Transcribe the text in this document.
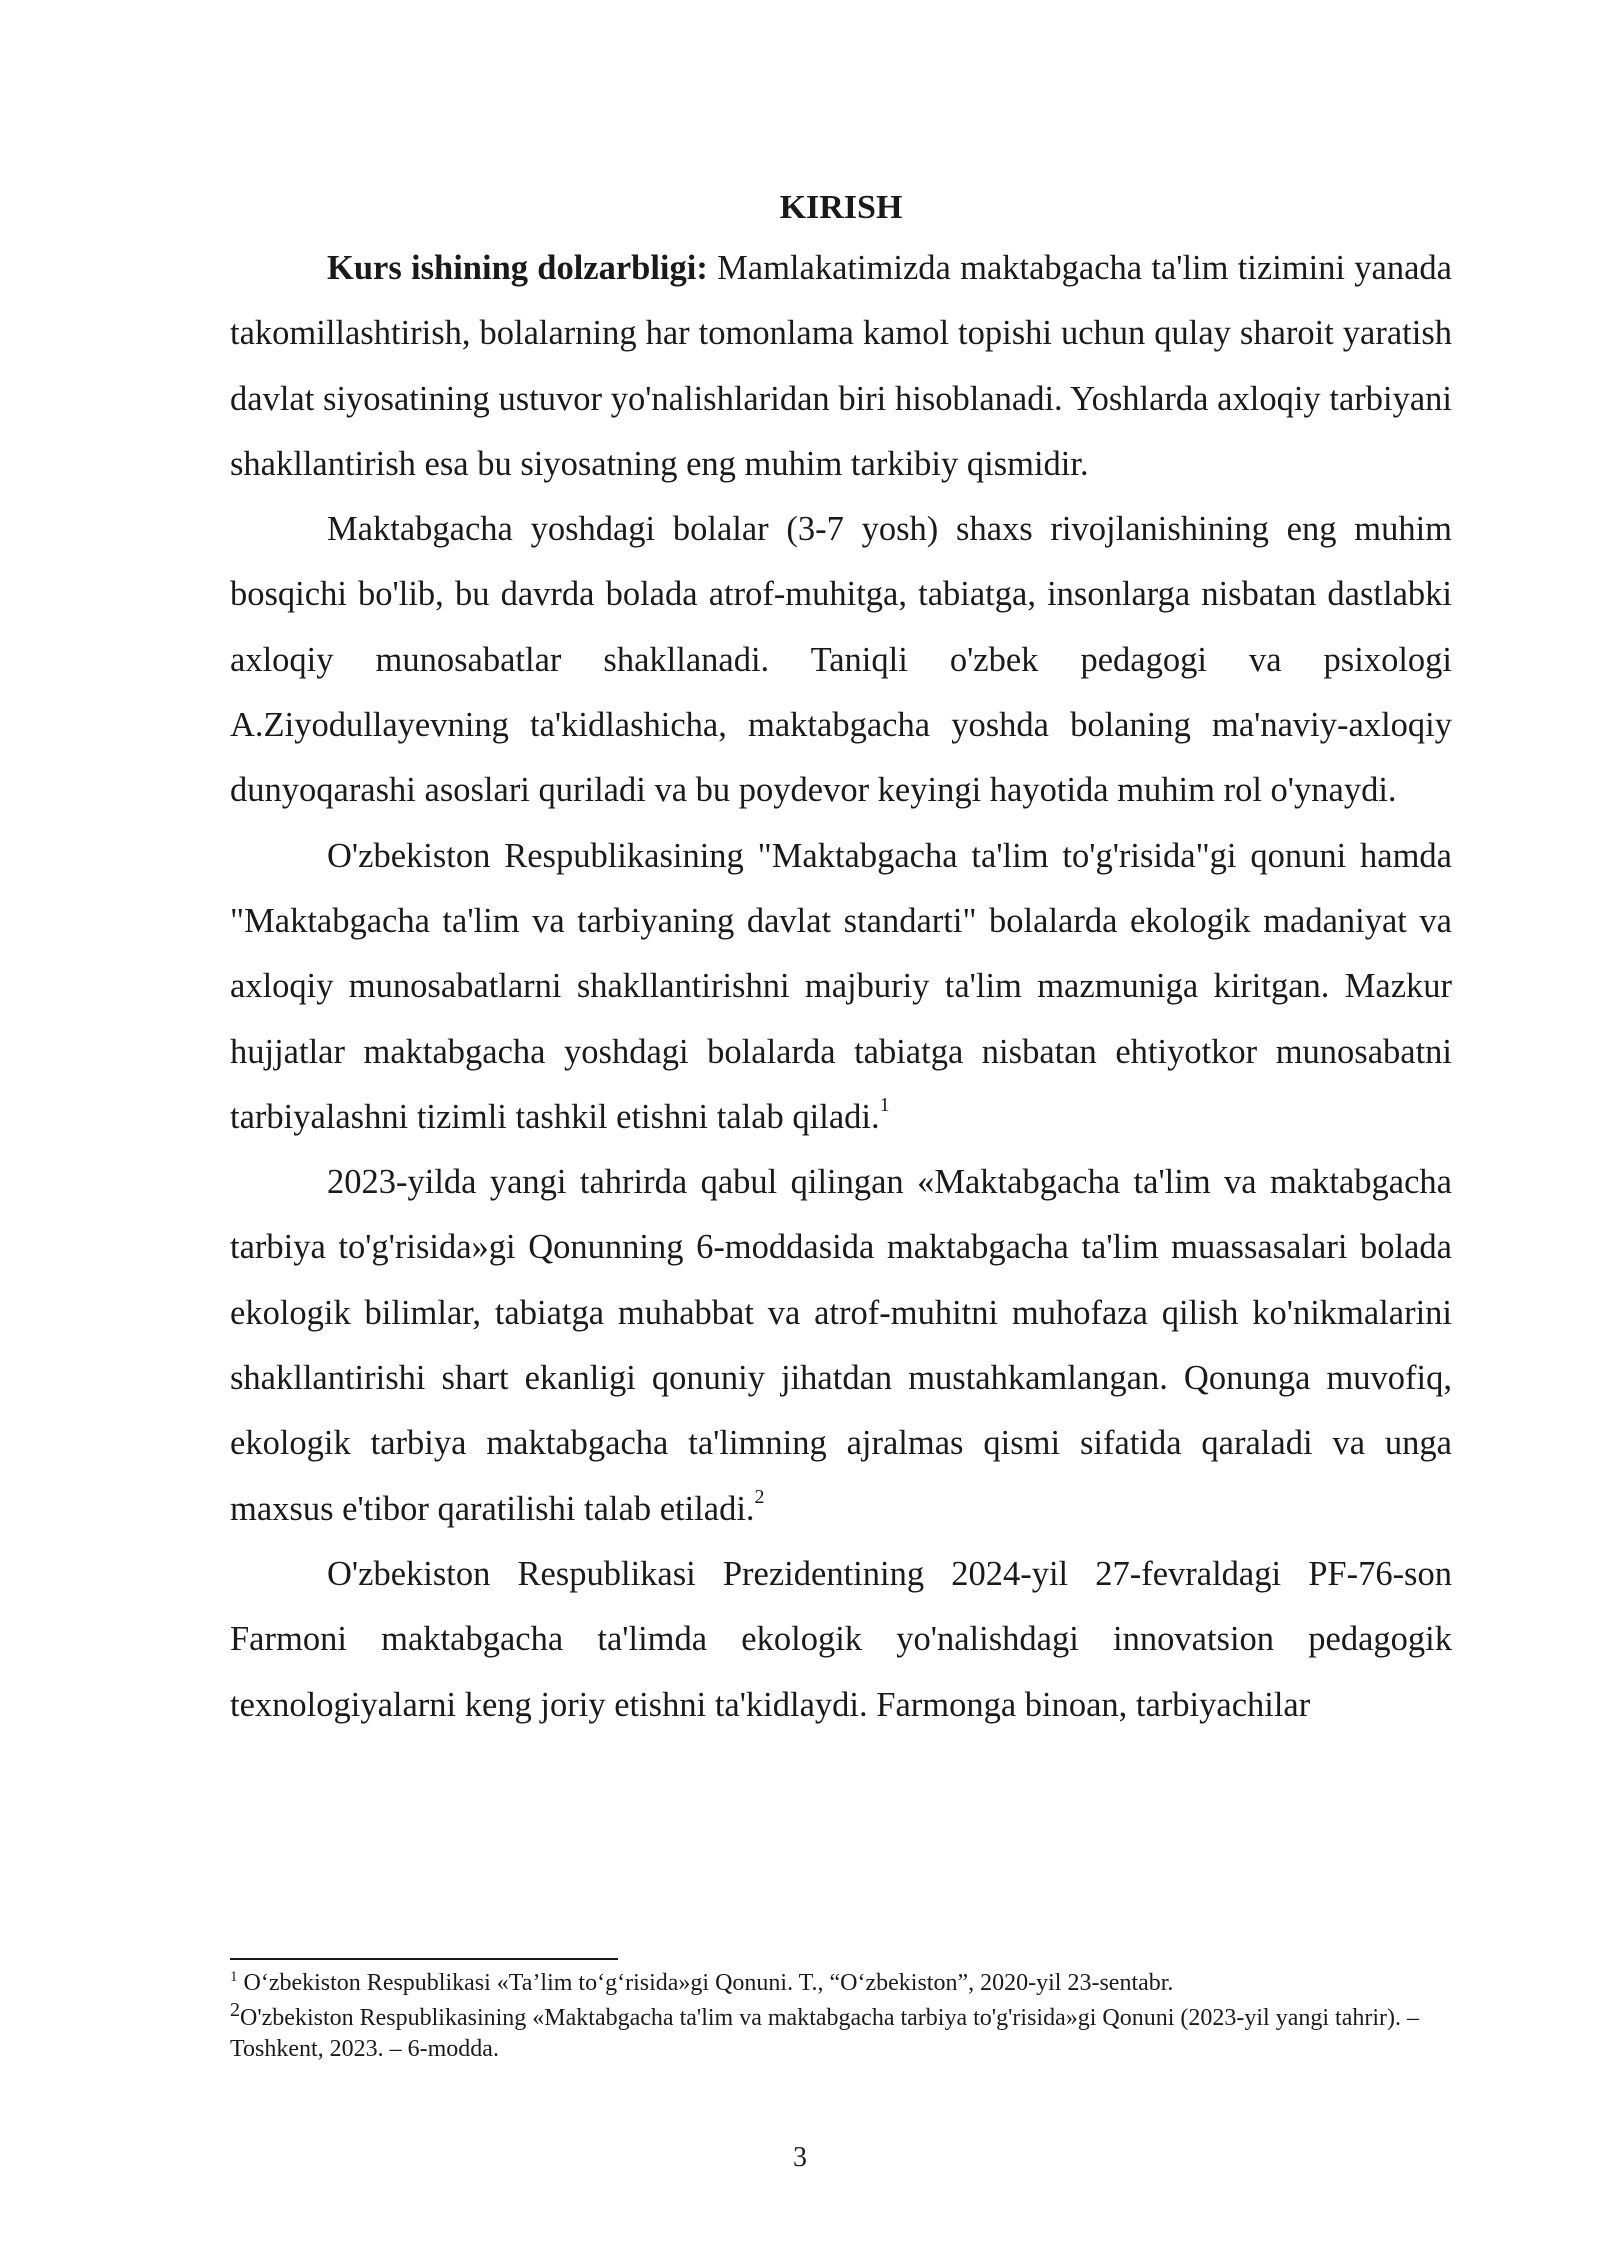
KIRISH

Kurs ishining dolzarbligi: Mamlakatimizda maktabgacha ta'lim tizimini yanada takomillashtirish, bolalarning har tomonlama kamol topishi uchun qulay sharoit yaratish davlat siyosatining ustuvor yo'nalishlaridan biri hisoblanadi. Yoshlarda axloqiy tarbiyani shakllantirish esa bu siyosatning eng muhim tarkibiy qismidir.

Maktabgacha yoshdagi bolalar (3-7 yosh) shaxs rivojlanishining eng muhim bosqichi bo'lib, bu davrda bolada atrof-muhitga, tabiatga, insonlarga nisbatan dastlabki axloqiy munosabatlar shakllanadi. Taniqli o'zbek pedagogi va psixologi A.Ziyodullayevning ta'kidlashicha, maktabgacha yoshda bolaning ma'naviy-axloqiy dunyoqarashi asoslari quriladi va bu poydevor keyingi hayotida muhim rol o'ynaydi.

O'zbekiston Respublikasining "Maktabgacha ta'lim to'g'risida"gi qonuni hamda "Maktabgacha ta'lim va tarbiyaning davlat standarti" bolalarda ekologik madaniyat va axloqiy munosabatlarni shakllantirishni majburiy ta'lim mazmuniga kiritgan. Mazkur hujjatlar maktabgacha yoshdagi bolalarda tabiatga nisbatan ehtiyotkor munosabatni tarbiyalashni tizimli tashkil etishni talab qiladi.$^1$

2023-yilda yangi tahrirda qabul qilingan «Maktabgacha ta'lim va maktabgacha tarbiya to'g'risida»gi Qonunning 6-moddasida maktabgacha ta'lim muassasalari bolada ekologik bilimlar, tabiatga muhabbat va atrof-muhitni muhofaza qilish ko'nikmalarini shakllantirishi shart ekanligi qonuniy jihatdan mustahkamlangan. Qonunga muvofiq, ekologik tarbiya maktabgacha ta'limning ajralmas qismi sifatida qaraladi va unga maxsus e'tibor qaratilishi talab etiladi.$^2$

O'zbekiston Respublikasi Prezidentining 2024-yil 27-fevraldagi PF-76-son Farmoni maktabgacha ta'limda ekologik yo'nalishdagi innovatsion pedagogik texnologiyalarni keng joriy etishni ta'kidlaydi. Farmonga binoan, tarbiyachilar

$^1$ O‘zbekiston Respublikasi «Ta’lim to‘g‘risida»gi Qonuni. T., “O‘zbekiston”, 2020-yil 23-sentabr.

$^2$O'zbekiston Respublikasining «Maktabgacha ta'lim va maktabgacha tarbiya to'g'risida»gi Qonuni (2023-yil yangi tahrir). – Toshkent, 2023. – 6-modda.

3
